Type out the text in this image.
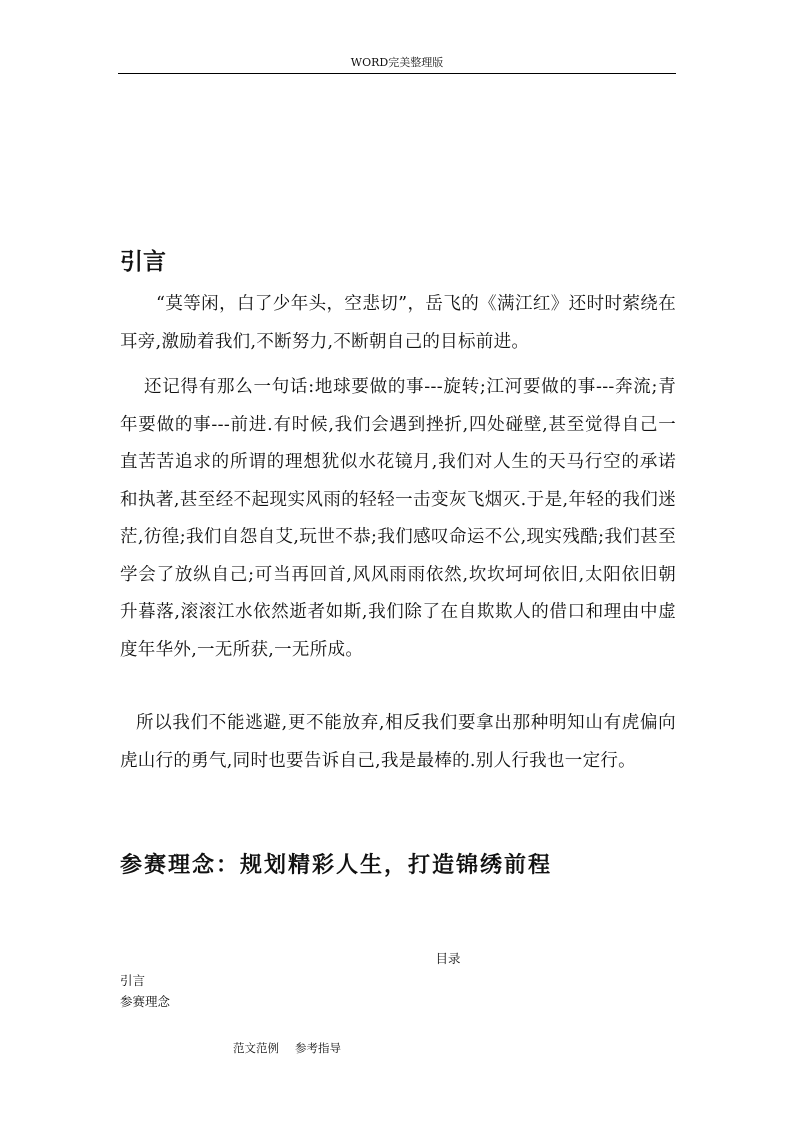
WORD完美整理版
引言

“莫等闲，白了少年头，空悲切”，岳飞的《满江红》还时时萦绕在耳旁,激励着我们,不断努力,不断朝自己的目标前进。

还记得有那么一句话:地球要做的事---旋转;江河要做的事---奔流;青年要做的事---前进.有时候,我们会遇到挫折,四处碰壁,甚至觉得自己一直苦苦追求的所谓的理想犹似水花镜月,我们对人生的天马行空的承诺和执著,甚至经不起现实风雨的轻轻一击变灰飞烟灭.于是,年轻的我们迷茫,彷徨;我们自怨自艾,玩世不恭;我们感叹命运不公,现实残酷;我们甚至学会了放纵自己;可当再回首,风风雨雨依然,坎坎坷坷依旧,太阳依旧朝升暮落,滚滚江水依然逝者如斯,我们除了在自欺欺人的借口和理由中虚度年华外,一无所获,一无所成。

所以我们不能逃避,更不能放弃,相反我们要拿出那种明知山有虎偏向虎山行的勇气,同时也要告诉自己,我是最棒的.别人行我也一定行。

参赛理念：规划精彩人生，打造锦绣前程
目录
引言
参赛理念
范文范例 参考指导
